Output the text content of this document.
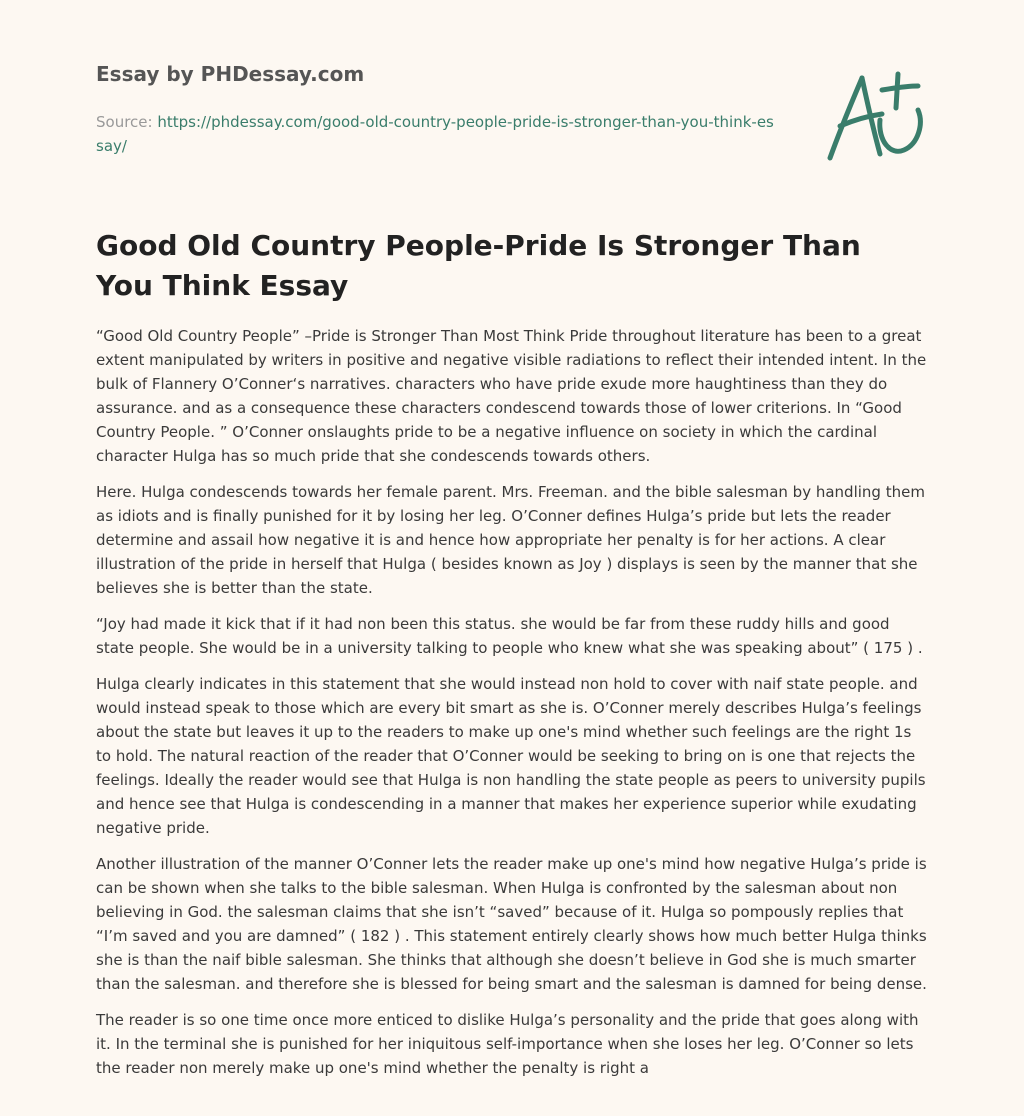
Essay by PHDessay.com
Source: https://phdessay.com/good-old-country-people-pride-is-stronger-than-you-think-essay/
Good Old Country People-Pride Is Stronger Than You Think Essay

“Good Old Country People” –Pride is Stronger Than Most Think Pride throughout literature has been to a great extent manipulated by writers in positive and negative visible radiations to reflect their intended intent. In the bulk of Flannery O’Conner‘s narratives. characters who have pride exude more haughtiness than they do assurance. and as a consequence these characters condescend towards those of lower criterions. In “Good Country People. ” O’Conner onslaughts pride to be a negative influence on society in which the cardinal character Hulga has so much pride that she condescends towards others.

Here. Hulga condescends towards her female parent. Mrs. Freeman. and the bible salesman by handling them as idiots and is finally punished for it by losing her leg. O’Conner defines Hulga’s pride but lets the reader determine and assail how negative it is and hence how appropriate her penalty is for her actions. A clear illustration of the pride in herself that Hulga ( besides known as Joy ) displays is seen by the manner that she believes she is better than the state.

“Joy had made it kick that if it had non been this status. she would be far from these ruddy hills and good state people. She would be in a university talking to people who knew what she was speaking about” ( 175 ) .

Hulga clearly indicates in this statement that she would instead non hold to cover with naif state people. and would instead speak to those which are every bit smart as she is. O’Conner merely describes Hulga’s feelings about the state but leaves it up to the readers to make up one's mind whether such feelings are the right 1s to hold. The natural reaction of the reader that O’Conner would be seeking to bring on is one that rejects the feelings. Ideally the reader would see that Hulga is non handling the state people as peers to university pupils and hence see that Hulga is condescending in a manner that makes her experience superior while exudating negative pride.

Another illustration of the manner O’Conner lets the reader make up one's mind how negative Hulga’s pride is can be shown when she talks to the bible salesman. When Hulga is confronted by the salesman about non believing in God. the salesman claims that she isn’t “saved” because of it. Hulga so pompously replies that “I’m saved and you are damned” ( 182 ) . This statement entirely clearly shows how much better Hulga thinks she is than the naif bible salesman. She thinks that although she doesn’t believe in God she is much smarter than the salesman. and therefore she is blessed for being smart and the salesman is damned for being dense.

The reader is so one time once more enticed to dislike Hulga’s personality and the pride that goes along with it. In the terminal she is punished for her iniquitous self-importance when she loses her leg. O’Conner so lets the reader non merely make up one's mind whether the penalty is right a
